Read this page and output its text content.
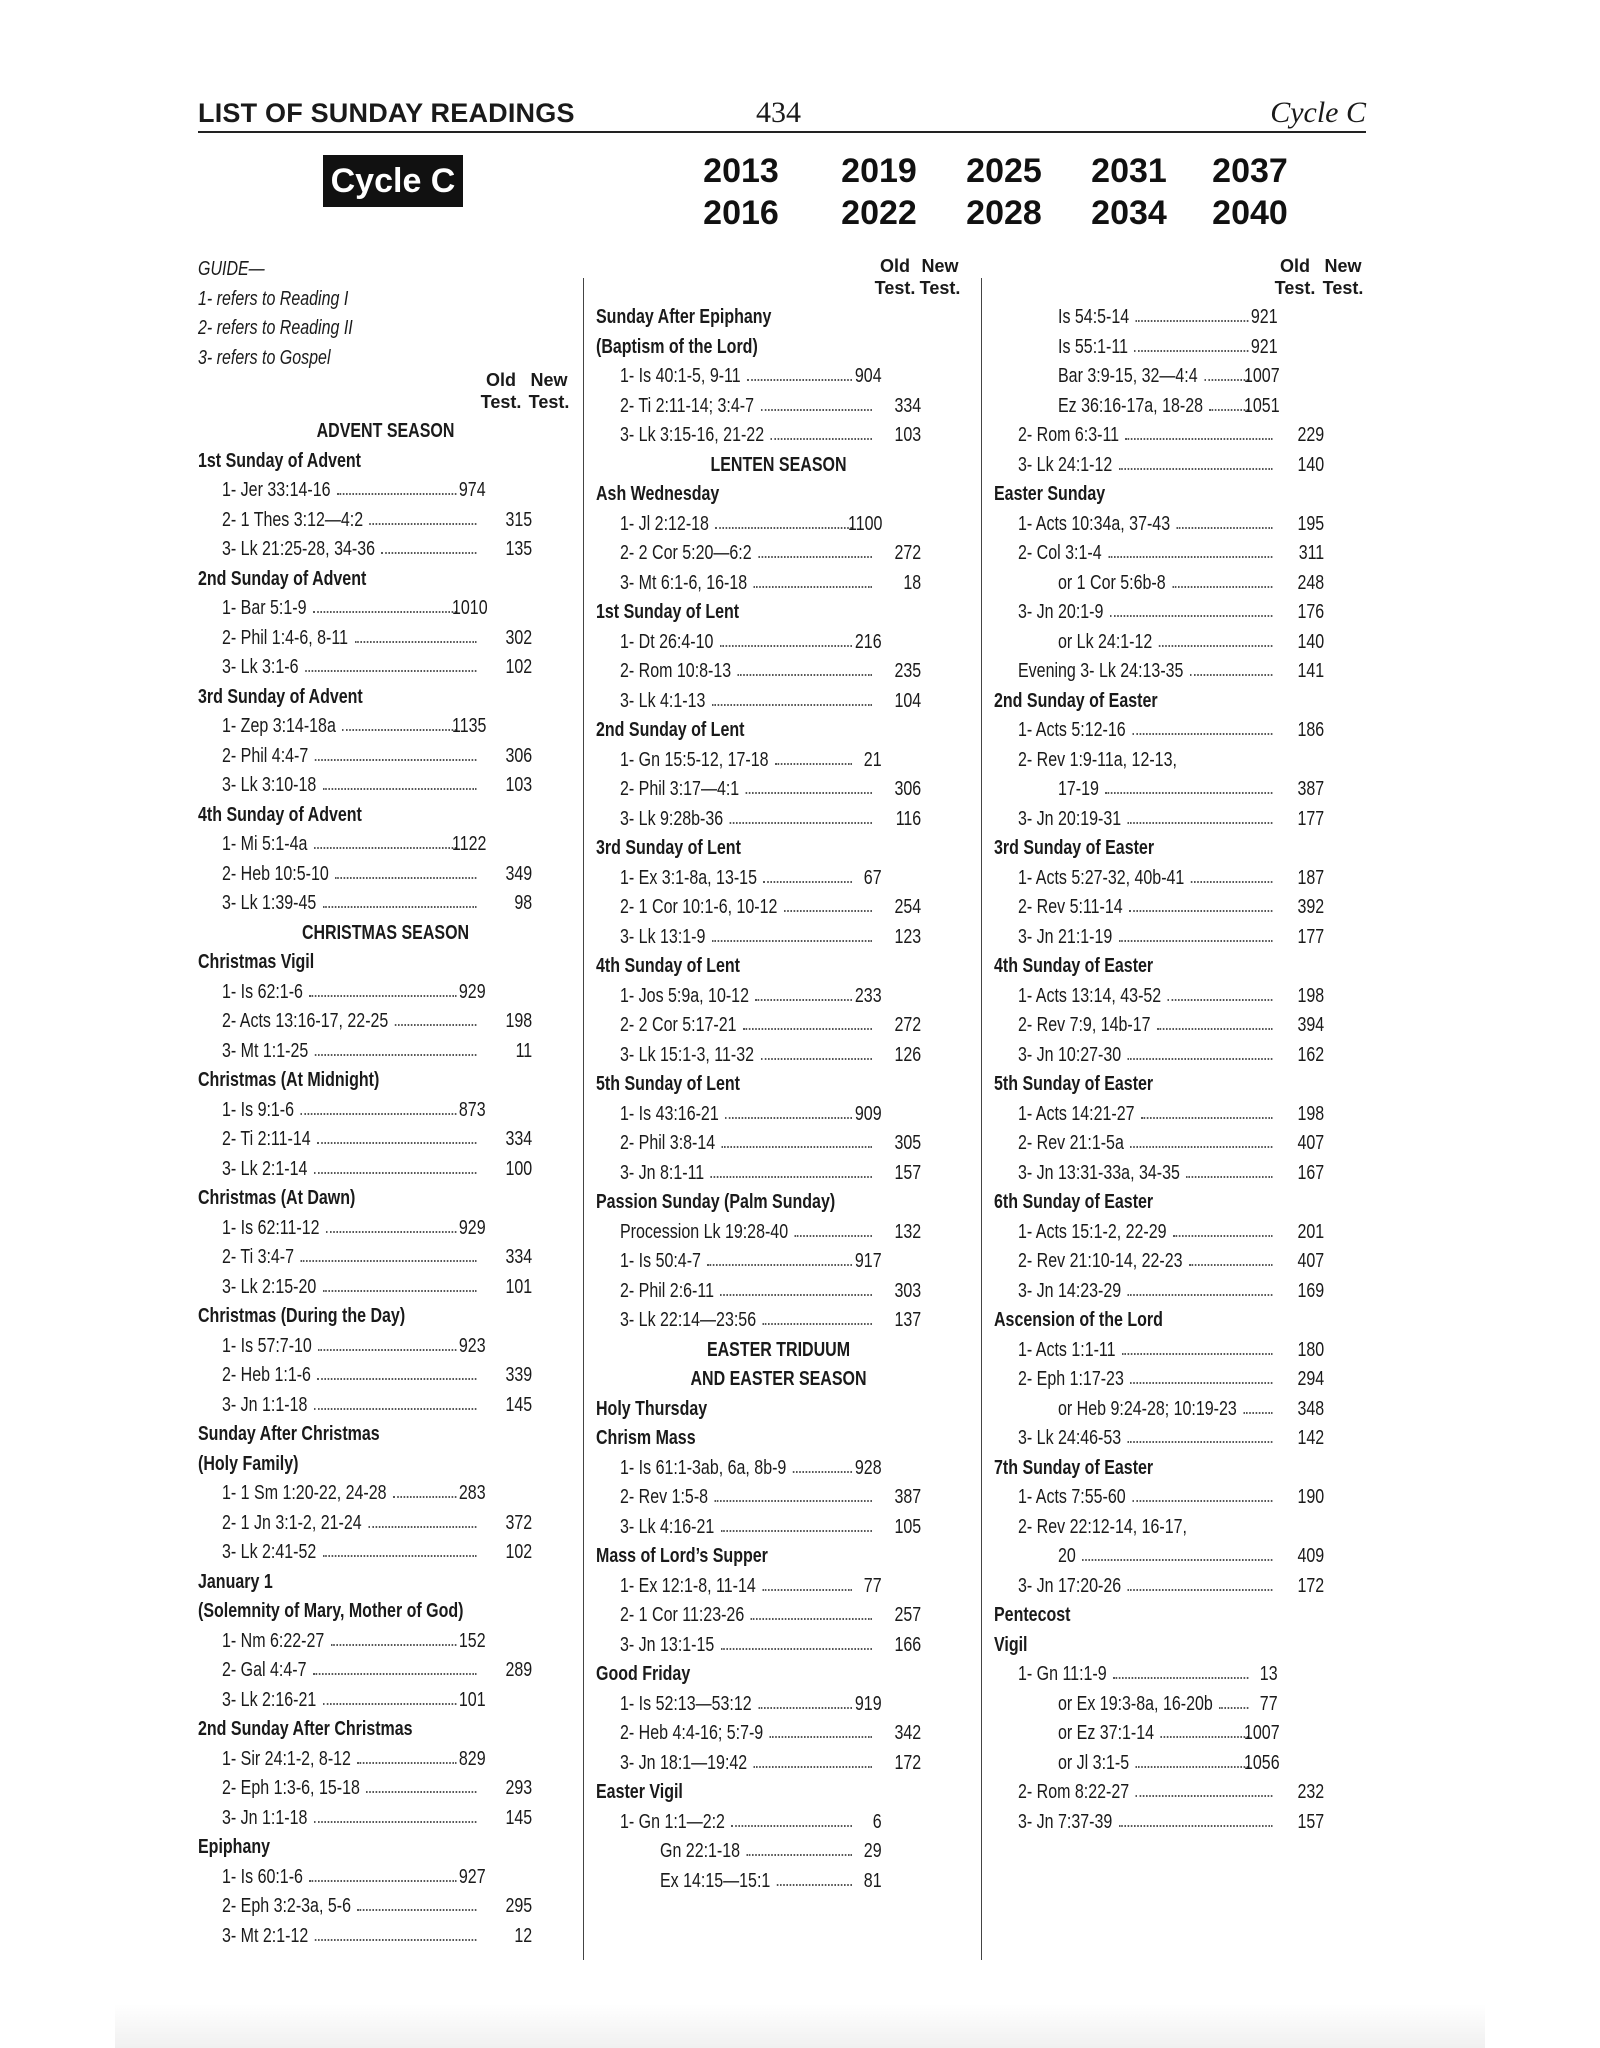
LIST OF SUNDAY READINGS	434	Cycle C
Cycle C	2013
2016
2019
2022
2025
2028
2031
2034
2037
2040
GUIDE—
1- refers to Reading I
2- refers to Reading II
3- refers to Gospel
Old
Test.
New
Test.
ADVENT SEASON
1st Sunday of Advent
1- Jer 33:14-16	974
2- 1 Thes 3:12—4:2	315
3- Lk 21:25-28, 34-36	135
2nd Sunday of Advent
1- Bar 5:1-9	1010
2- Phil 1:4-6, 8-11	302
3- Lk 3:1-6	102
3rd Sunday of Advent
1- Zep 3:14-18a	1135
2- Phil 4:4-7	306
3- Lk 3:10-18	103
4th Sunday of Advent
1- Mi 5:1-4a	1122
2- Heb 10:5-10	349
3- Lk 1:39-45	98
CHRISTMAS SEASON
Christmas Vigil
1- Is 62:1-6	929
2- Acts 13:16-17, 22-25	198
3- Mt 1:1-25	11
Christmas (At Midnight)
1- Is 9:1-6	873
2- Ti 2:11-14	334
3- Lk 2:1-14	100
Christmas (At Dawn)
1- Is 62:11-12	929
2- Ti 3:4-7	334
3- Lk 2:15-20	101
Christmas (During the Day)
1- Is 57:7-10	923
2- Heb 1:1-6	339
3- Jn 1:1-18	145
Sunday After Christmas
(Holy Family)
1- 1 Sm 1:20-22, 24-28	283
2- 1 Jn 3:1-2, 21-24	372
3- Lk 2:41-52	102
January 1
(Solemnity of Mary, Mother of God)
1- Nm 6:22-27	152
2- Gal 4:4-7	289
3- Lk 2:16-21	101
2nd Sunday After Christmas
1- Sir 24:1-2, 8-12	829
2- Eph 1:3-6, 15-18	293
3- Jn 1:1-18	145
Epiphany
1- Is 60:1-6	927
2- Eph 3:2-3a, 5-6	295
3- Mt 2:1-12	12
Old
Test.
New
Test.
Sunday After Epiphany
(Baptism of the Lord)
1- Is 40:1-5, 9-11	904
2- Ti 2:11-14; 3:4-7	334
3- Lk 3:15-16, 21-22	103
LENTEN SEASON
Ash Wednesday
1- Jl 2:12-18	1100
2- 2 Cor 5:20—6:2	272
3- Mt 6:1-6, 16-18	18
1st Sunday of Lent
1- Dt 26:4-10	216
2- Rom 10:8-13	235
3- Lk 4:1-13	104
2nd Sunday of Lent
1- Gn 15:5-12, 17-18	21
2- Phil 3:17—4:1	306
3- Lk 9:28b-36	116
3rd Sunday of Lent
1- Ex 3:1-8a, 13-15	67
2- 1 Cor 10:1-6, 10-12	254
3- Lk 13:1-9	123
4th Sunday of Lent
1- Jos 5:9a, 10-12	233
2- 2 Cor 5:17-21	272
3- Lk 15:1-3, 11-32	126
5th Sunday of Lent
1- Is 43:16-21	909
2- Phil 3:8-14	305
3- Jn 8:1-11	157
Passion Sunday (Palm Sunday)
Procession Lk 19:28-40	132
1- Is 50:4-7	917
2- Phil 2:6-11	303
3- Lk 22:14—23:56	137
EASTER TRIDUUM
AND EASTER SEASON
Holy Thursday
Chrism Mass
1- Is 61:1-3ab, 6a, 8b-9	928
2- Rev 1:5-8	387
3- Lk 4:16-21	105
Mass of Lord’s Supper
1- Ex 12:1-8, 11-14	77
2- 1 Cor 11:23-26	257
3- Jn 13:1-15	166
Good Friday
1- Is 52:13—53:12	919
2- Heb 4:4-16; 5:7-9	342
3- Jn 18:1—19:42	172
Easter Vigil
1- Gn 1:1—2:2	6
Gn 22:1-18	29
Ex 14:15—15:1	81
Old
Test.
New
Test.
Is 54:5-14	921
Is 55:1-11	921
Bar 3:9-15, 32—4:4 1007
Ez 36:16-17a, 18-28 1051
2- Rom 6:3-11	229
3- Lk 24:1-12	140
Easter Sunday
1- Acts 10:34a, 37-43	195
2- Col 3:1-4	311
or 1 Cor 5:6b-8	248
3- Jn 20:1-9	176
or Lk 24:1-12	140
Evening 3- Lk 24:13-35	141
2nd Sunday of Easter
1- Acts 5:12-16	186
2- Rev 1:9-11a, 12-13,
17-19	387
3- Jn 20:19-31	177
3rd Sunday of Easter
1- Acts 5:27-32, 40b-41	187
2- Rev 5:11-14	392
3- Jn 21:1-19	177
4th Sunday of Easter
1- Acts 13:14, 43-52	198
2- Rev 7:9, 14b-17	394
3- Jn 10:27-30	162
5th Sunday of Easter
1- Acts 14:21-27	198
2- Rev 21:1-5a	407
3- Jn 13:31-33a, 34-35	167
6th Sunday of Easter
1- Acts 15:1-2, 22-29	201
2- Rev 21:10-14, 22-23	407
3- Jn 14:23-29	169
Ascension of the Lord
1- Acts 1:1-11	180
2- Eph 1:17-23	294
or Heb 9:24-28; 10:19-23	348
3- Lk 24:46-53	142
7th Sunday of Easter
1- Acts 7:55-60	190
2- Rev 22:12-14, 16-17,
20	409
3- Jn 17:20-26	172
Pentecost
Vigil
1- Gn 11:1-9	13
or Ex 19:3-8a, 16-20b	77
or Ez 37:1-14	1007
or Jl 3:1-5	1056
2- Rom 8:22-27	232
3- Jn 7:37-39	157
